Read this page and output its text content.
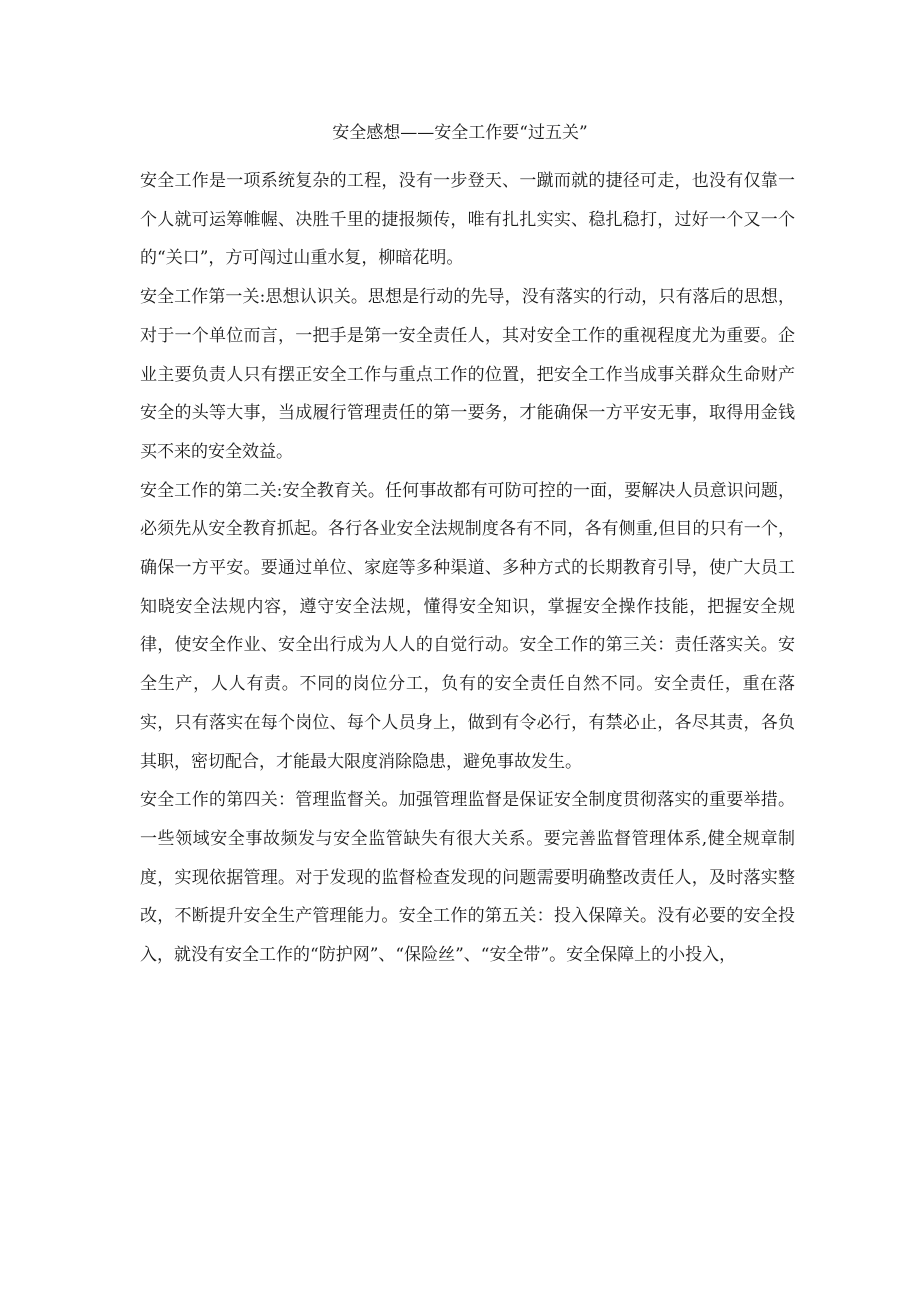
安全感想——安全工作要“过五关”

安全工作是一项系统复杂的工程，没有一步登天、一蹴而就的捷径可走，也没有仅靠一个人就可运筹帷幄、决胜千里的捷报频传，唯有扎扎实实、稳扎稳打，过好一个又一个的“关口”，方可闯过山重水复，柳暗花明。

安全工作第一关:思想认识关。思想是行动的先导，没有落实的行动，只有落后的思想，对于一个单位而言，一把手是第一安全责任人，其对安全工作的重视程度尤为重要。企业主要负责人只有摆正安全工作与重点工作的位置，把安全工作当成事关群众生命财产安全的头等大事，当成履行管理责任的第一要务，才能确保一方平安无事，取得用金钱买不来的安全效益。

安全工作的第二关:安全教育关。任何事故都有可防可控的一面，要解决人员意识问题，必须先从安全教育抓起。各行各业安全法规制度各有不同，各有侧重,但目的只有一个，确保一方平安。要通过单位、家庭等多种渠道、多种方式的长期教育引导，使广大员工知晓安全法规内容，遵守安全法规，懂得安全知识，掌握安全操作技能，把握安全规律，使安全作业、安全出行成为人人的自觉行动。安全工作的第三关：责任落实关。安全生产，人人有责。不同的岗位分工，负有的安全责任自然不同。安全责任，重在落实，只有落实在每个岗位、每个人员身上，做到有令必行，有禁必止，各尽其责，各负其职，密切配合，才能最大限度消除隐患，避免事故发生。

安全工作的第四关：管理监督关。加强管理监督是保证安全制度贯彻落实的重要举措。一些领域安全事故频发与安全监管缺失有很大关系。要完善监督管理体系,健全规章制度，实现依据管理。对于发现的监督检查发现的问题需要明确整改责任人，及时落实整改，不断提升安全生产管理能力。安全工作的第五关：投入保障关。没有必要的安全投入，就没有安全工作的“防护网”、“保险丝”、“安全带”。安全保障上的小投入，
